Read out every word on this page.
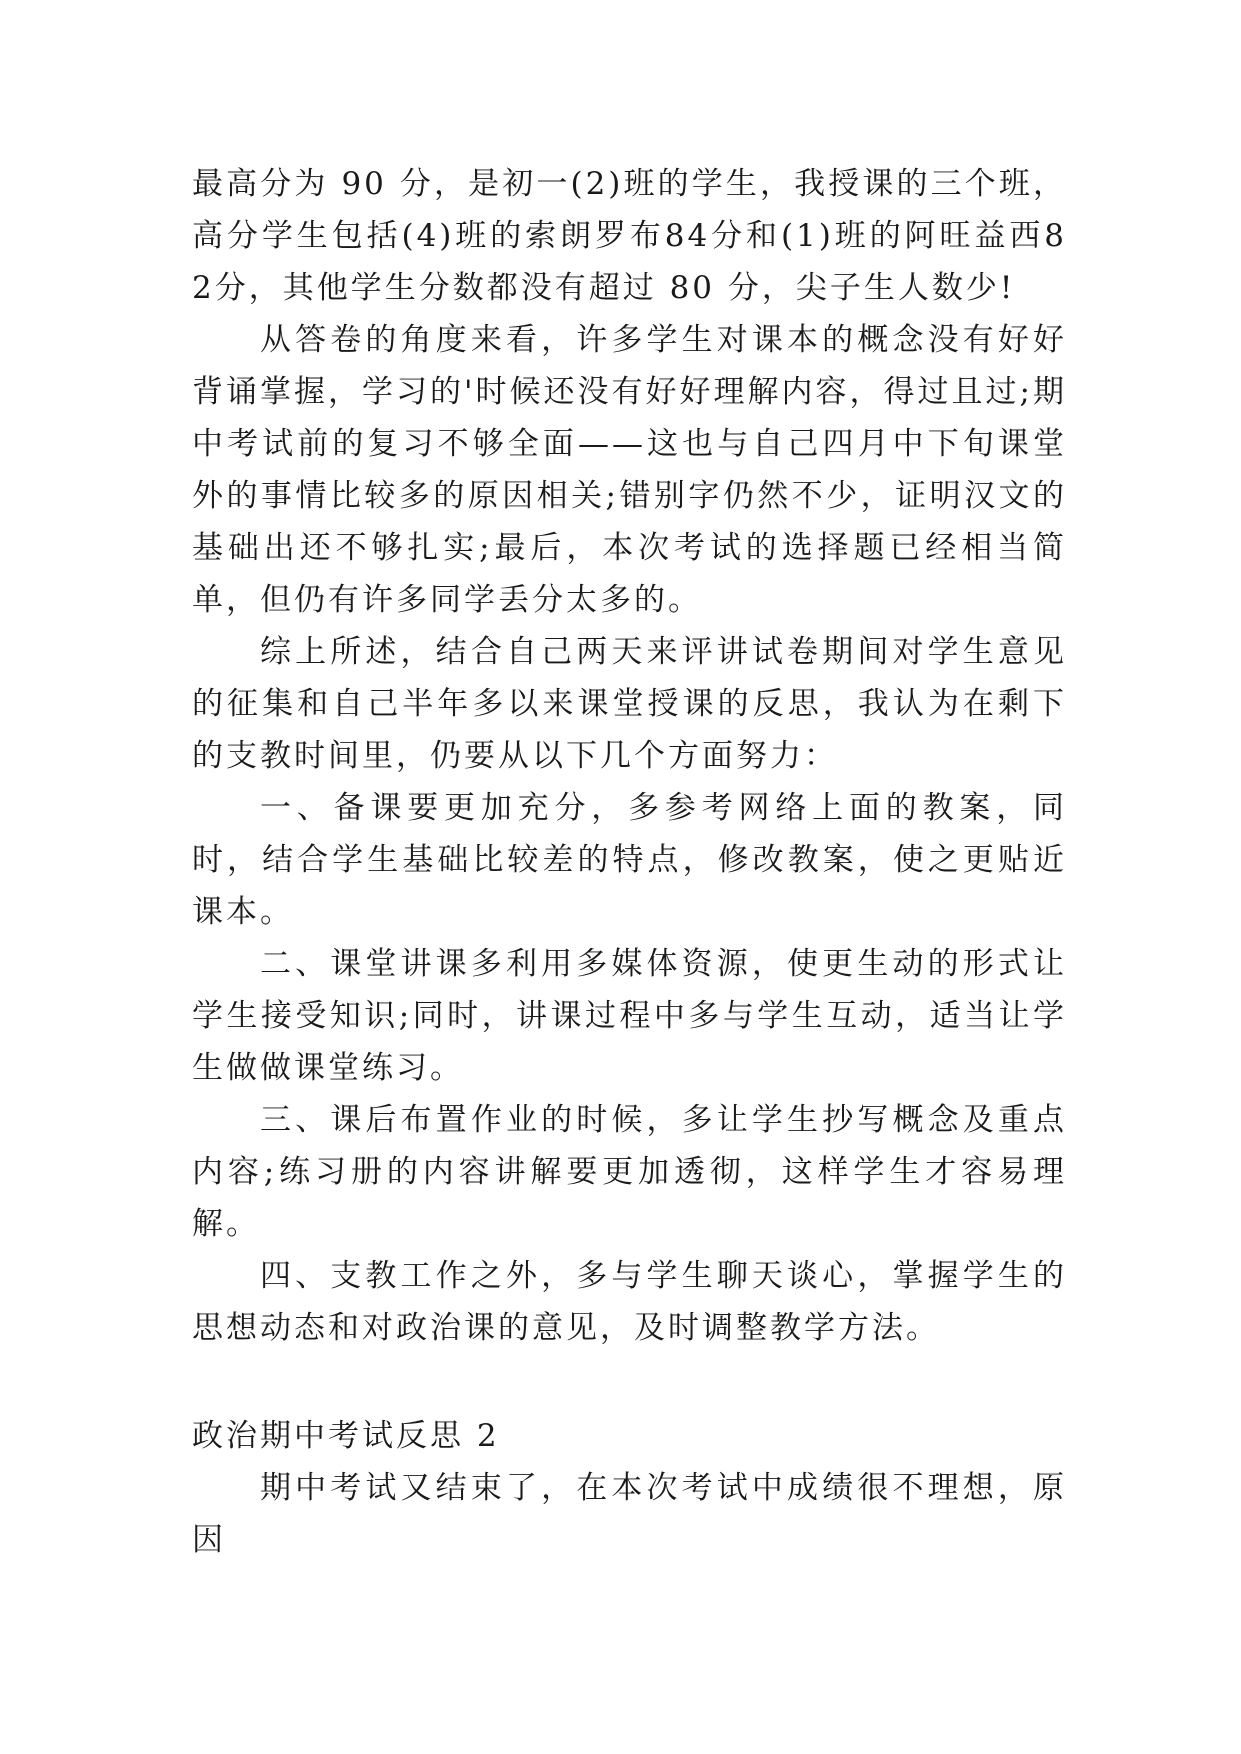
最高分为 90 分，是初一(2)班的学生，我授课的三个班，高分学生包括(4)班的索朗罗布84分和(1)班的阿旺益西82分，其他学生分数都没有超过 80 分，尖子生人数少!

从答卷的角度来看，许多学生对课本的概念没有好好背诵掌握，学习的'时候还没有好好理解内容，得过且过;期中考试前的复习不够全面——这也与自己四月中下旬课堂外的事情比较多的原因相关;错别字仍然不少，证明汉文的基础出还不够扎实;最后，本次考试的选择题已经相当简单，但仍有许多同学丢分太多的。

综上所述，结合自己两天来评讲试卷期间对学生意见的征集和自己半年多以来课堂授课的反思，我认为在剩下的支教时间里，仍要从以下几个方面努力：

一、备课要更加充分，多参考网络上面的教案，同时，结合学生基础比较差的特点，修改教案，使之更贴近课本。

二、课堂讲课多利用多媒体资源，使更生动的形式让学生接受知识;同时，讲课过程中多与学生互动，适当让学生做做课堂练习。

三、课后布置作业的时候，多让学生抄写概念及重点内容;练习册的内容讲解要更加透彻，这样学生才容易理解。

四、支教工作之外，多与学生聊天谈心，掌握学生的思想动态和对政治课的意见，及时调整教学方法。

政治期中考试反思 2

期中考试又结束了，在本次考试中成绩很不理想，原因
